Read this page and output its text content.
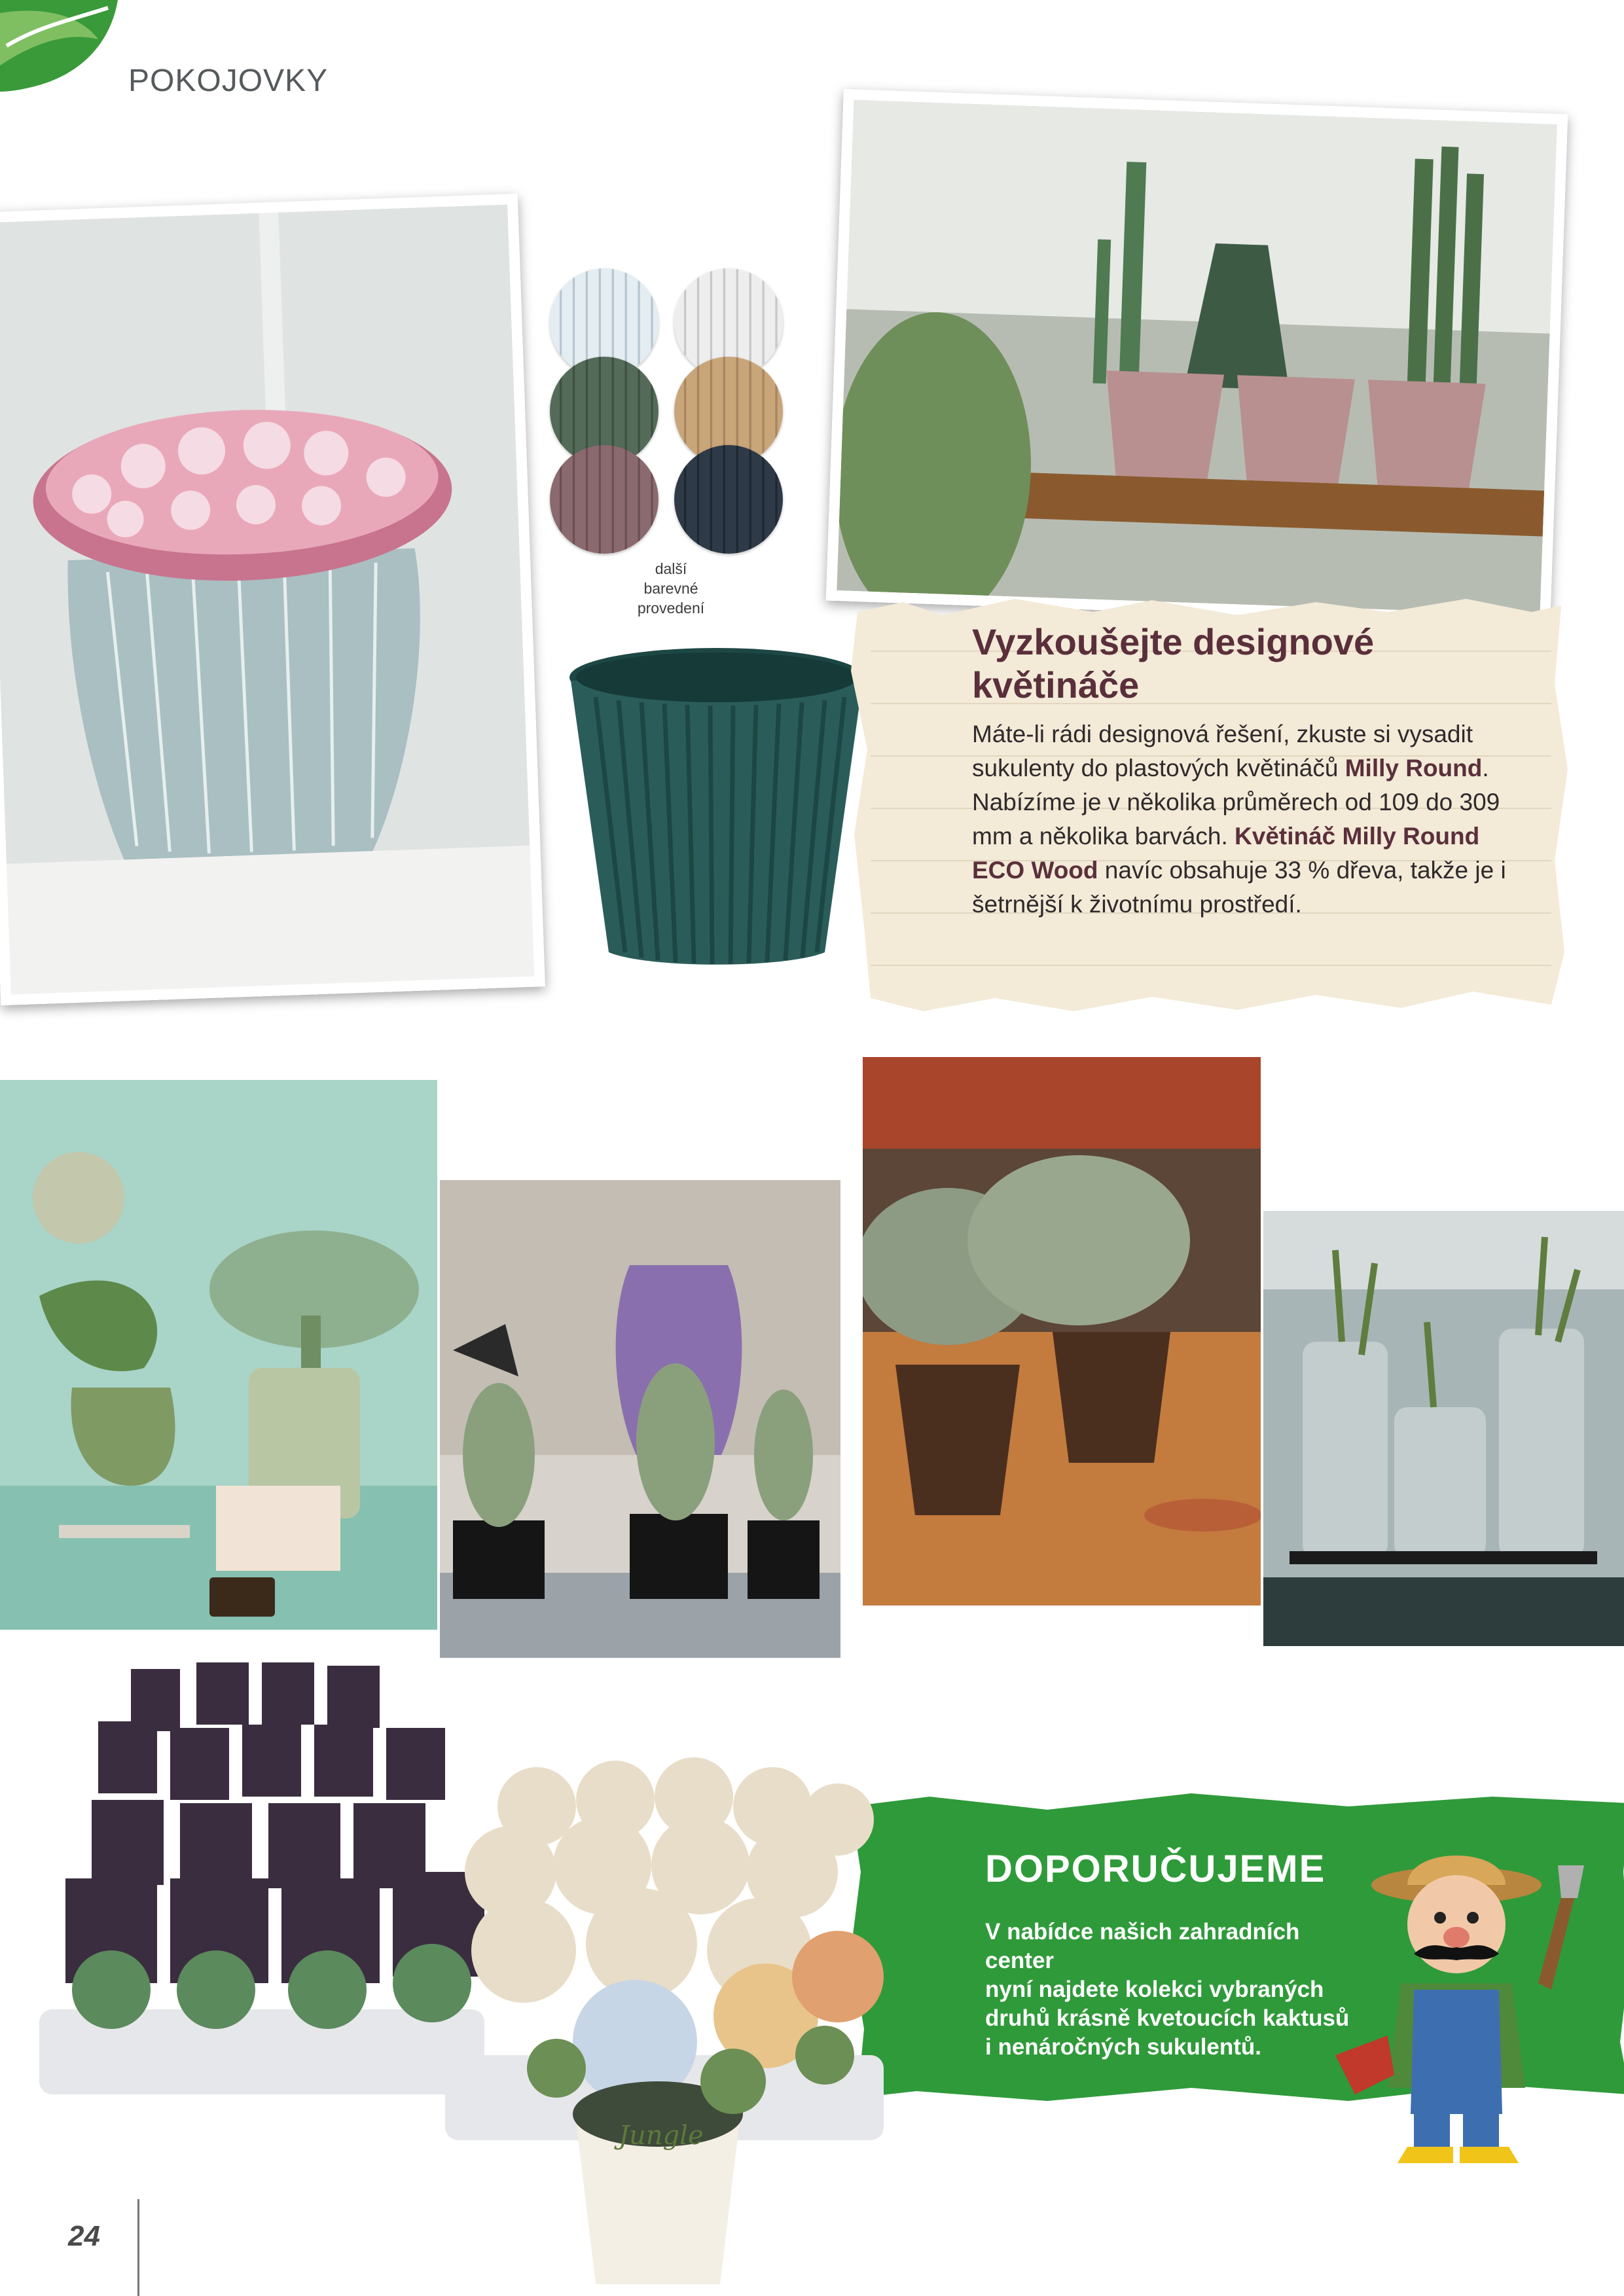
POKOJOVKY
další
barevné
provedení
Vyzkoušejte designové
květináče
Máte-li rádi designová řešení, zkuste si vysadit sukulenty do plastových květináčů Milly Round. Nabízíme je v několika průměrech od 109 do 309 mm a několika barvách. Květináč Milly Round ECO Wood navíc obsahuje 33 % dřeva, takže je i šetrnější k životnímu prostředí.
DOPORUČUJEME
V nabídce našich zahradních center
nyní najdete kolekci vybraných
druhů krásně kvetoucích kaktusů
i nenáročných sukulentů.
Jungle
24
